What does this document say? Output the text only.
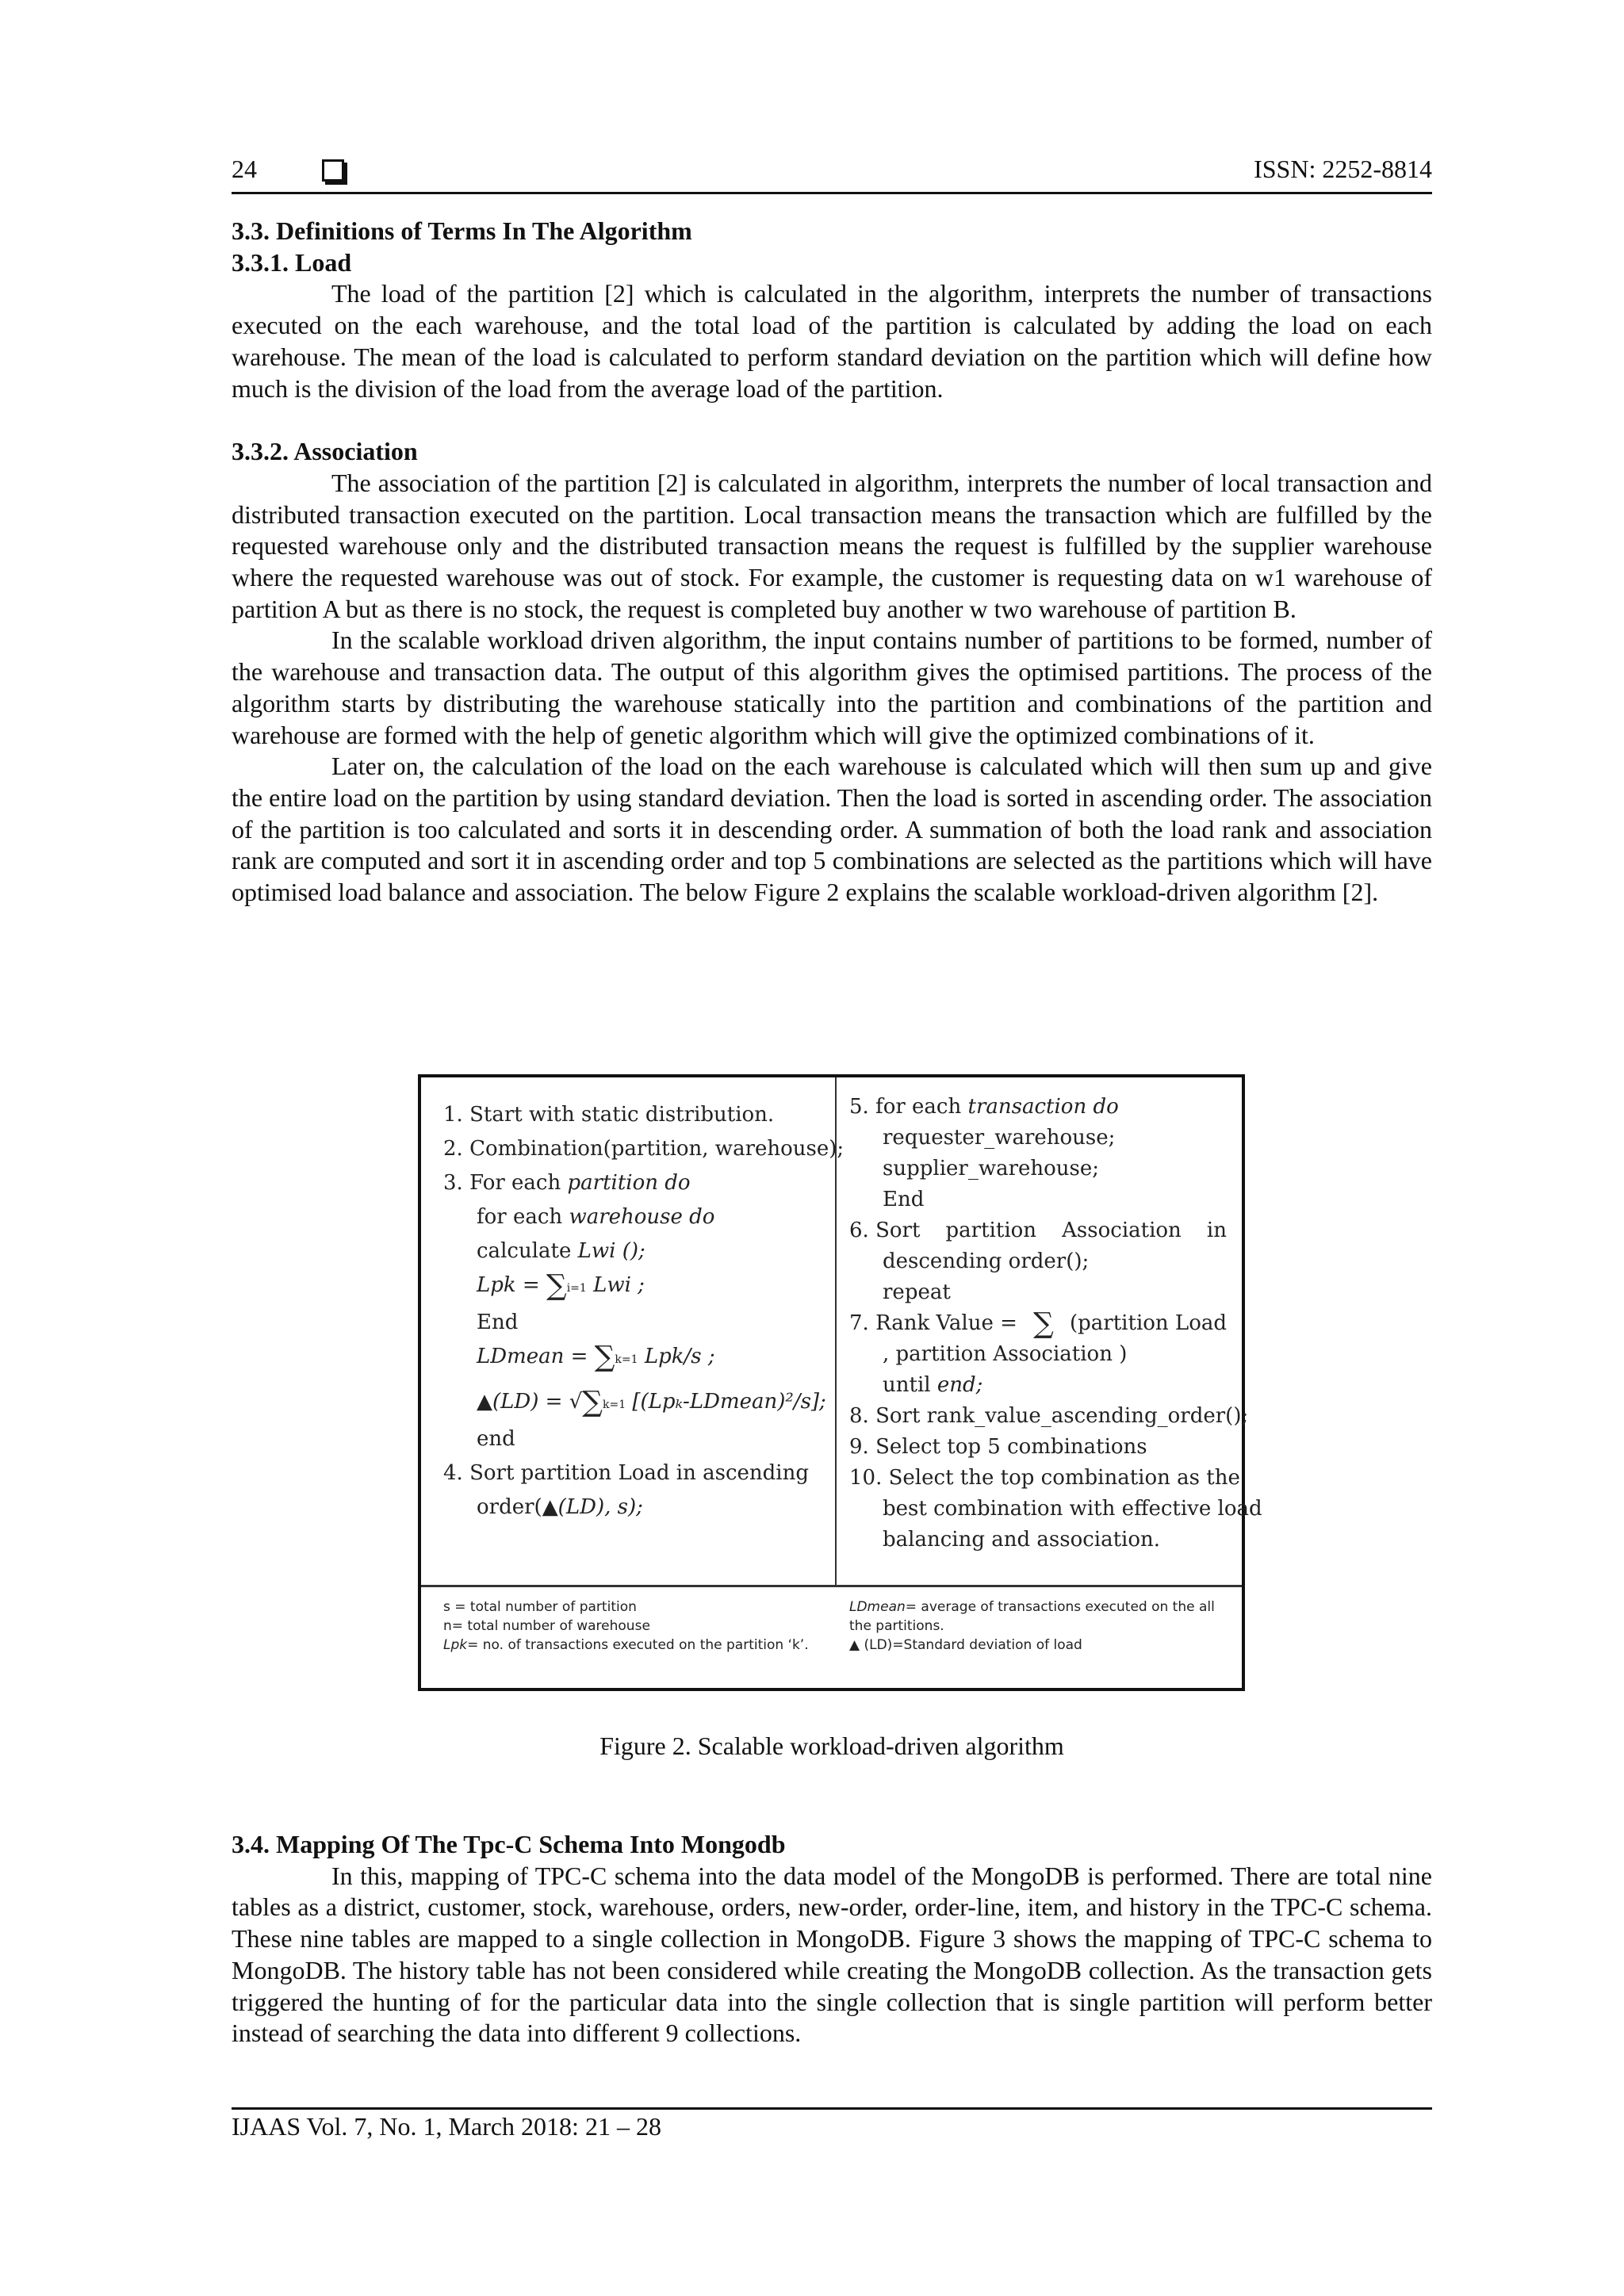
24	ISSN: 2252-8814
3.3. Definitions of Terms In The Algorithm
3.3.1. Load

The load of the partition [2] which is calculated in the algorithm, interprets the number of transactions executed on the each warehouse, and the total load of the partition is calculated by adding the load on each warehouse. The mean of the load is calculated to perform standard deviation on the partition which will define how much is the division of the load from the average load of the partition.

3.3.2. Association

The association of the partition [2] is calculated in algorithm, interprets the number of local transaction and distributed transaction executed on the partition. Local transaction means the transaction which are fulfilled by the requested warehouse only and the distributed transaction means the request is fulfilled by the supplier warehouse where the requested warehouse was out of stock. For example, the customer is requesting data on w1 warehouse of partition A but as there is no stock, the request is completed buy another w two warehouse of partition B.

In the scalable workload driven algorithm, the input contains number of partitions to be formed, number of the warehouse and transaction data. The output of this algorithm gives the optimised partitions. The process of the algorithm starts by distributing the warehouse statically into the partition and combinations of the partition and warehouse are formed with the help of genetic algorithm which will give the optimized combinations of it.

Later on, the calculation of the load on the each warehouse is calculated which will then sum up and give the entire load on the partition by using standard deviation. Then the load is sorted in ascending order. The association of the partition is too calculated and sorts it in descending order. A summation of both the load rank and association rank are computed and sort it in ascending order and top 5 combinations are selected as the partitions which will have optimised load balance and association. The below Figure 2 explains the scalable workload-driven algorithm [2].

1. Start with static distribution.
2. Combination(partition, warehouse);
3. For each partition do
for each warehouse do
calculate Lwi ();
Lpk = ∑i=1 Lwi ;
End
LDmean = ∑k=1 Lpk/s ;
▲(LD) = √∑k=1 [(Lpₖ-LDmean)²/s];
end
4. Sort partition Load in ascending
order(▲(LD), s);
5. for each transaction do
requester_warehouse;
supplier_warehouse;
End
6. Sort partition Association in
descending order();
repeat
7. Rank Value = ∑ (partition Load
, partition Association )
until end;
8. Sort rank_value_ascending_order();
9. Select top 5 combinations
10. Select the top combination as the
best combination with effective load
balancing and association.
s = total number of partition
n= total number of warehouse
Lpk= no. of transactions executed on the partition ‘k’.
LDmean= average of transactions executed on the all
the partitions.
▲ (LD)=Standard deviation of load
Figure 2. Scalable workload-driven algorithm
3.4. Mapping Of The Tpc-C Schema Into Mongodb

In this, mapping of TPC-C schema into the data model of the MongoDB is performed. There are total nine tables as a district, customer, stock, warehouse, orders, new-order, order-line, item, and history in the TPC-C schema. These nine tables are mapped to a single collection in MongoDB. Figure 3 shows the mapping of TPC-C schema to MongoDB. The history table has not been considered while creating the MongoDB collection. As the transaction gets triggered the hunting of for the particular data into the single collection that is single partition will perform better instead of searching the data into different 9 collections.

IJAAS Vol. 7, No. 1, March 2018: 21 – 28
